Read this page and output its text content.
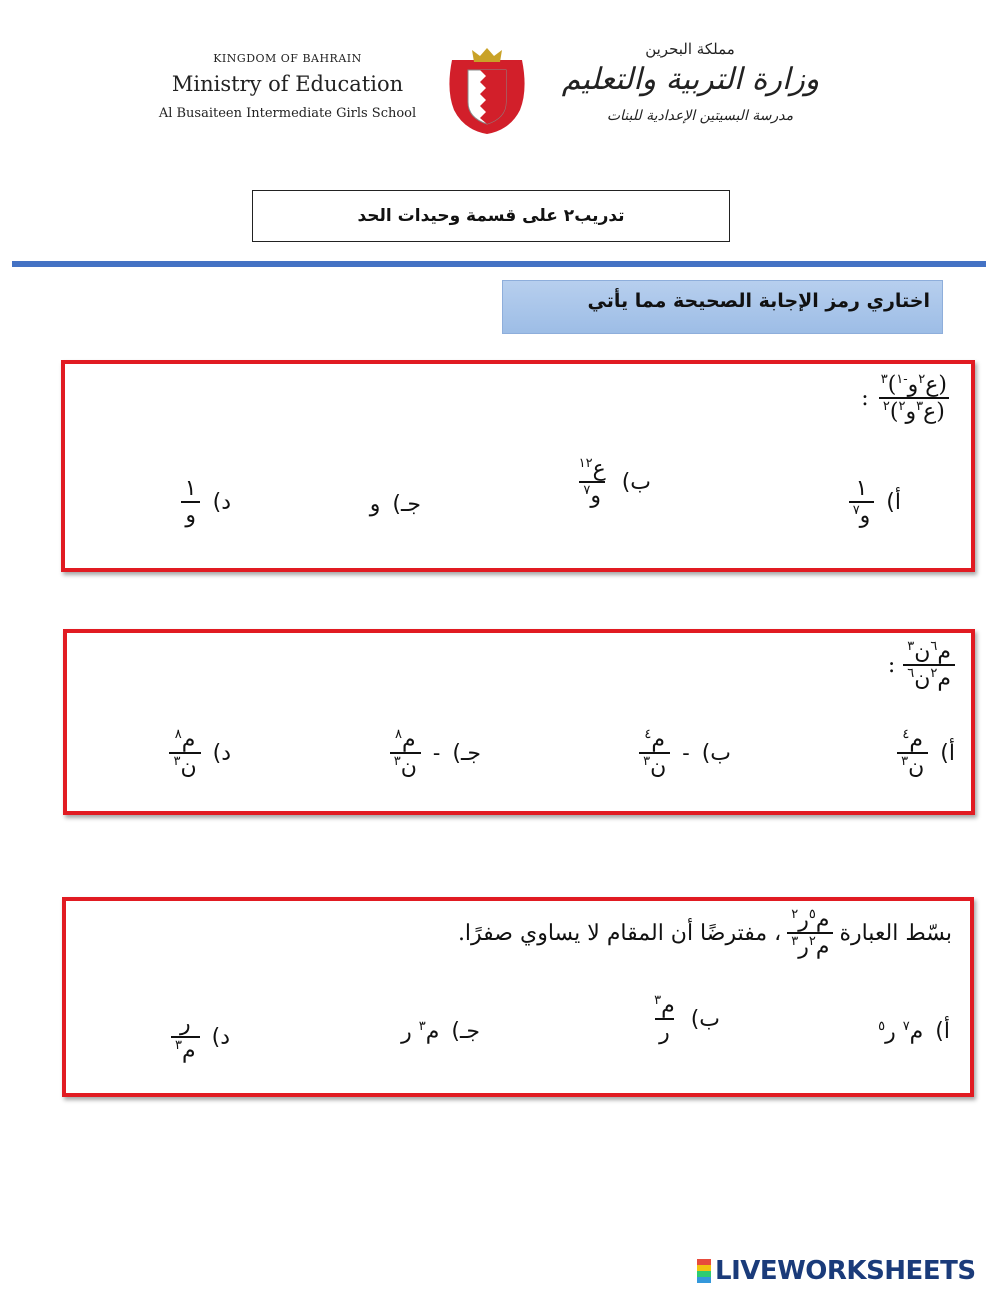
KINGDOM OF BAHRAIN
Ministry of Education
Al Busaiteen Intermediate Girls School
مملكة البحرين
وزارة التربية والتعليم
مدرسة البسيتين الإعدادية للبنات
تدريب٢ على قسمة وحيدات الحد
اختاري رمز الإجابة الصحيحة مما يأتي
$\frac{(ع^٢و^{-١})^٣}{(ع^٣و^٢)^٢}$
:
أ)
$\frac{١}{و^٧}$
ب)
$\frac{ع^{١٢}}{و^٧}$
جـ)
و
د)
$\frac{١}{\text{و}}$
$\frac{م^٦ن^٣}{م^٢ن^٦}$
:
أ)
$\frac{م^٤}{ن^٣}$
ب)
-
$\frac{م^٤}{ن^٣}$
جـ)
-
$\frac{م^٨}{ن^٣}$
د)
$\frac{م^٨}{ن^٣}$
بسّط العبارة
$\frac{م^٥ر^٢}{م^٢ر^٣}$
، مفترضًا أن المقام لا يساوي صفرًا.
أ)
م$^٧$ ر$^٥$
ب)
$\frac{م^٣}{\text{ر}}$
جـ)
م$^٣$ ر
د)
$\frac{\text{ر}}{م^٣}$
LIVEWORKSHEETS
